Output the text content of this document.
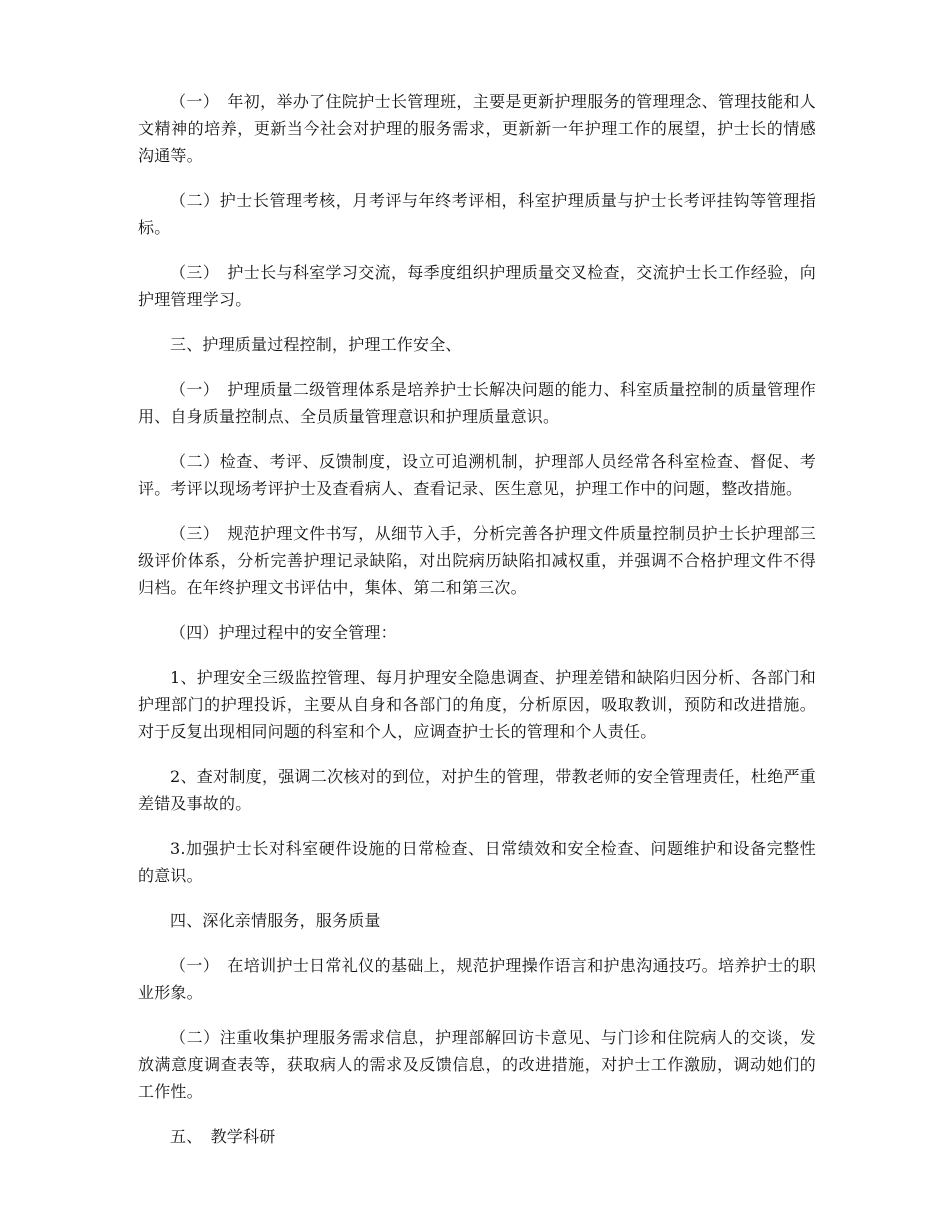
（一）　年初，举办了住院护士长管理班，主要是更新护理服务的管理理念、管理技能和人文精神的培养，更新当今社会对护理的服务需求，更新新一年护理工作的展望，护士长的情感沟通等。

（二）护士长管理考核，月考评与年终考评相，科室护理质量与护士长考评挂钩等管理指标。

（三）　护士长与科室学习交流，每季度组织护理质量交叉检查，交流护士长工作经验，向护理管理学习。

三、护理质量过程控制，护理工作安全、

（一）　护理质量二级管理体系是培养护士长解决问题的能力、科室质量控制的质量管理作用、自身质量控制点、全员质量管理意识和护理质量意识。

（二）检查、考评、反馈制度，设立可追溯机制，护理部人员经常各科室检查、督促、考评。考评以现场考评护士及查看病人、查看记录、医生意见，护理工作中的问题，整改措施。

（三）　规范护理文件书写，从细节入手，分析完善各护理文件质量控制员护士长护理部三级评价体系，分析完善护理记录缺陷，对出院病历缺陷扣减权重，并强调不合格护理文件不得归档。在年终护理文书评估中，集体、第二和第三次。

（四）护理过程中的安全管理：

1、护理安全三级监控管理、每月护理安全隐患调查、护理差错和缺陷归因分析、各部门和护理部门的护理投诉，主要从自身和各部门的角度，分析原因，吸取教训，预防和改进措施。对于反复出现相同问题的科室和个人，应调查护士长的管理和个人责任。

2、查对制度，强调二次核对的到位，对护生的管理，带教老师的安全管理责任，杜绝严重差错及事故的。

3.加强护士长对科室硬件设施的日常检查、日常绩效和安全检查、问题维护和设备完整性的意识。

四、深化亲情服务，服务质量

（一）　在培训护士日常礼仪的基础上，规范护理操作语言和护患沟通技巧。培养护士的职业形象。

（二）注重收集护理服务需求信息，护理部解回访卡意见、与门诊和住院病人的交谈，发放满意度调查表等，获取病人的需求及反馈信息，的改进措施，对护士工作激励，调动她们的工作性。

五、　教学科研
